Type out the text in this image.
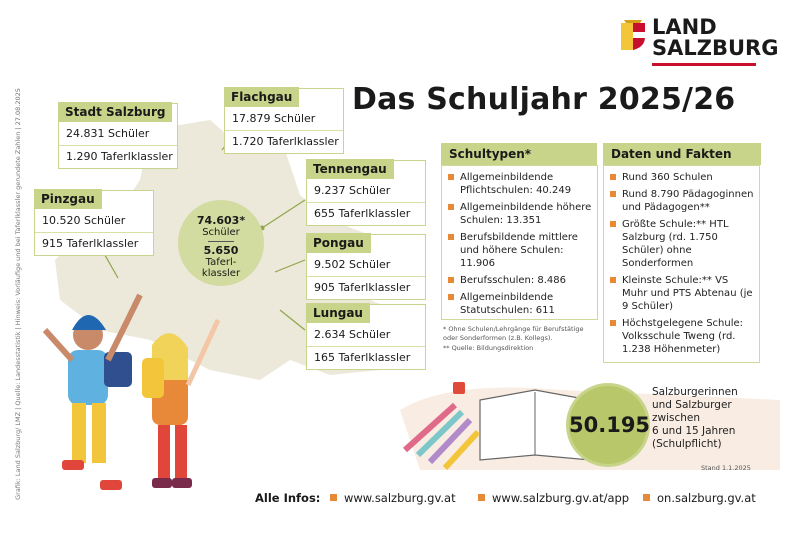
Grafik: Land Salzburg/ LMZ | Quelle: Landesstatistik | Hinweis: Vorläufige und bei Taferlklassler gerundete Zahlen | 27.08.2025
LAND
SALZBURG
Das Schuljahr 2025/26
Stadt Salzburg
24.831 Schüler
1.290 Taferlklassler
Flachgau
17.879 Schüler
1.720 Taferlklassler
Tennengau
9.237 Schüler
655 Taferlklassler
Pinzgau
10.520 Schüler
915 Taferlklassler	Pongau
9.502 Schüler
905 Taferlklassler
Lungau
2.634 Schüler
165 Taferlklassler
74.603*
Schüler
5.650
Taferl-
klassler
Schultypen*
Allgemeinbildende Pflichtschulen: 40.249
Allgemeinbildende höhere Schulen: 13.351
Berufsbildende mittlere und höhere Schulen: 11.906
Berufsschulen: 8.486
Allgemeinbildende Statutschulen: 611
* Ohne Schulen/Lehrgänge für Berufstätige oder Sonderformen (z.B. Kollegs).
** Quelle: Bildungsdirektion
Daten und Fakten
Rund 360 Schulen
Rund 8.790 Pädagoginnen und Pädagogen**
Größte Schule:** HTL Salzburg (rd. 1.750 Schüler) ohne Sonderformen
Kleinste Schule:** VS Muhr und PTS Abtenau (je 9 Schüler)
Höchstgelegene Schule: Volksschule Tweng (rd. 1.238 Höhenmeter)
50.195
Salzburgerinnen
und Salzburger
zwischen
6 und 15 Jahren
(Schulpflicht)
Stand 1.1.2025
Alle Infos:	www.salzburg.gv.at	www.salzburg.gv.at/app	on.salzburg.gv.at
